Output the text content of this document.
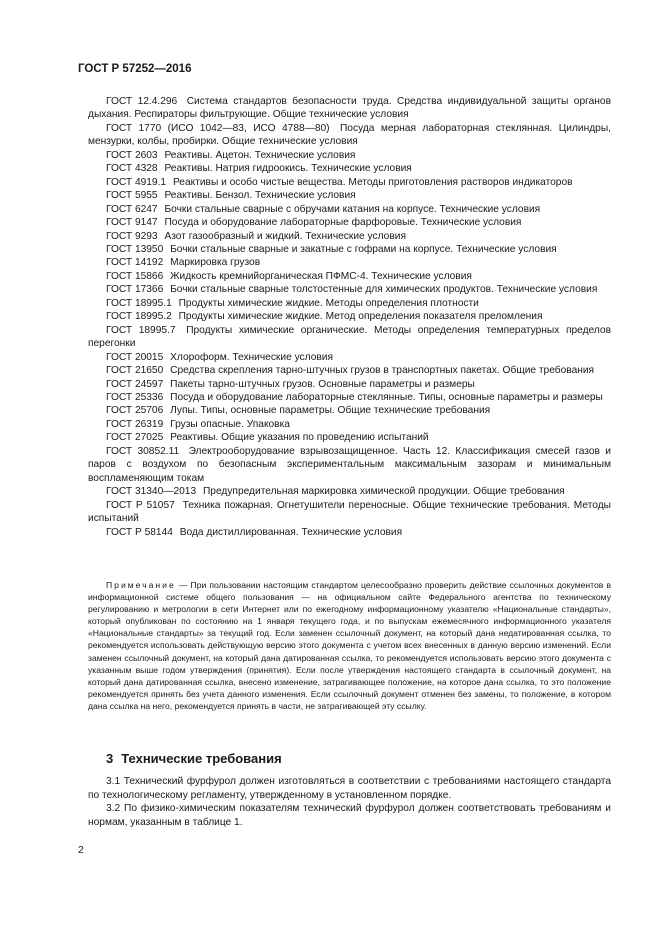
ГОСТ Р 57252—2016
ГОСТ 12.4.296 Система стандартов безопасности труда. Средства индивидуальной защиты органов дыхания. Респираторы фильтрующие. Общие технические условия
ГОСТ 1770 (ИСО 1042—83, ИСО 4788—80) Посуда мерная лабораторная стеклянная. Цилиндры, мензурки, колбы, пробирки. Общие технические условия
ГОСТ 2603 Реактивы. Ацетон. Технические условия
ГОСТ 4328 Реактивы. Натрия гидроокись. Технические условия
ГОСТ 4919.1 Реактивы и особо чистые вещества. Методы приготовления растворов индикаторов
ГОСТ 5955 Реактивы. Бензол. Технические условия
ГОСТ 6247 Бочки стальные сварные с обручами катания на корпусе. Технические условия
ГОСТ 9147 Посуда и оборудование лабораторные фарфоровые. Технические условия
ГОСТ 9293 Азот газообразный и жидкий. Технические условия
ГОСТ 13950 Бочки стальные сварные и закатные с гофрами на корпусе. Технические условия
ГОСТ 14192 Маркировка грузов
ГОСТ 15866 Жидкость кремнийорганическая ПФМС-4. Технические условия
ГОСТ 17366 Бочки стальные сварные толстостенные для химических продуктов. Технические условия
ГОСТ 18995.1 Продукты химические жидкие. Методы определения плотности
ГОСТ 18995.2 Продукты химические жидкие. Метод определения показателя преломления
ГОСТ 18995.7 Продукты химические органические. Методы определения температурных пределов перегонки
ГОСТ 20015 Хлороформ. Технические условия
ГОСТ 21650 Средства скрепления тарно-штучных грузов в транспортных пакетах. Общие требования
ГОСТ 24597 Пакеты тарно-штучных грузов. Основные параметры и размеры
ГОСТ 25336 Посуда и оборудование лабораторные стеклянные. Типы, основные параметры и размеры
ГОСТ 25706 Лупы. Типы, основные параметры. Общие технические требования
ГОСТ 26319 Грузы опасные. Упаковка
ГОСТ 27025 Реактивы. Общие указания по проведению испытаний
ГОСТ 30852.11 Электрооборудование взрывозащищенное. Часть 12. Классификация смесей газов и паров с воздухом по безопасным экспериментальным максимальным зазорам и минимальным воспламеняющим токам
ГОСТ 31340—2013 Предупредительная маркировка химической продукции. Общие требования
ГОСТ Р 51057 Техника пожарная. Огнетушители переносные. Общие технические требования. Методы испытаний
ГОСТ Р 58144 Вода дистиллированная. Технические условия
Примечание — При пользовании настоящим стандартом целесообразно проверить действие ссылочных документов в информационной системе общего пользования — на официальном сайте Федерального агентства по техническому регулированию и метрологии в сети Интернет или по ежегодному информационному указателю «Национальные стандарты», который опубликован по состоянию на 1 января текущего года, и по выпускам ежемесячного информационного указателя «Национальные стандарты» за текущий год. Если заменен ссылочный документ, на который дана недатированная ссылка, то рекомендуется использовать действующую версию этого документа с учетом всех внесенных в данную версию изменений. Если заменен ссылочный документ, на который дана датированная ссылка, то рекомендуется использовать версию этого документа с указанным выше годом утверждения (принятия). Если после утверждения настоящего стандарта в ссылочный документ, на который дана датированная ссылка, внесено изменение, затрагивающее положение, на которое дана ссылка, то это положение рекомендуется принять без учета данного изменения. Если ссылочный документ отменен без замены, то положение, в котором дана ссылка на него, рекомендуется принять в части, не затрагивающей эту ссылку.
3 Технические требования
3.1 Технический фурфурол должен изготовляться в соответствии с требованиями настоящего стандарта по технологическому регламенту, утвержденному в установленном порядке.
3.2 По физико-химическим показателям технический фурфурол должен соответствовать требованиям и нормам, указанным в таблице 1.
2
